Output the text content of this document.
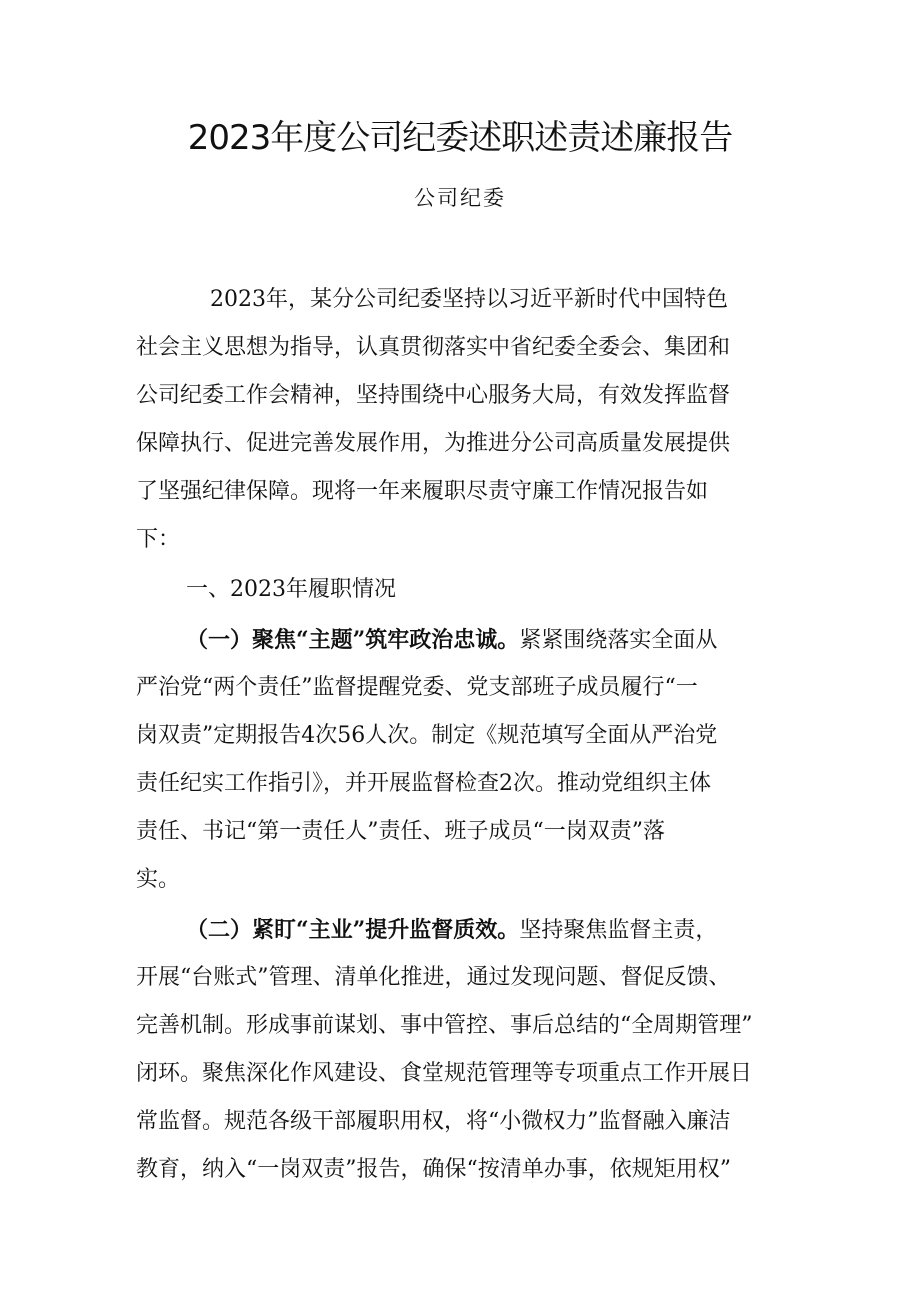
2023年度公司纪委述职述责述廉报告
公司纪委
2023年，某分公司纪委坚持以习近平新时代中国特色
社会主义思想为指导，认真贯彻落实中省纪委全委会、集团和
公司纪委工作会精神，坚持围绕中心服务大局，有效发挥监督
保障执行、促进完善发展作用，为推进分公司高质量发展提供
了坚强纪律保障。现将一年来履职尽责守廉工作情况报告如
下：
一、2023年履职情况
（一）聚焦“主题”筑牢政治忠诚。紧紧围绕落实全面从
严治党“两个责任”监督提醒党委、党支部班子成员履行“一
岗双责”定期报告4次56人次。制定《规范填写全面从严治党
责任纪实工作指引》，并开展监督检查2次。推动党组织主体
责任、书记“第一责任人”责任、班子成员“一岗双责”落
实。
（二）紧盯“主业”提升监督质效。坚持聚焦监督主责，
开展“台账式”管理、清单化推进，通过发现问题、督促反馈、
完善机制。形成事前谋划、事中管控、事后总结的“全周期管理”
闭环。聚焦深化作风建设、食堂规范管理等专项重点工作开展日
常监督。规范各级干部履职用权，将“小微权力”监督融入廉洁
教育，纳入“一岗双责”报告，确保“按清单办事，依规矩用权”
